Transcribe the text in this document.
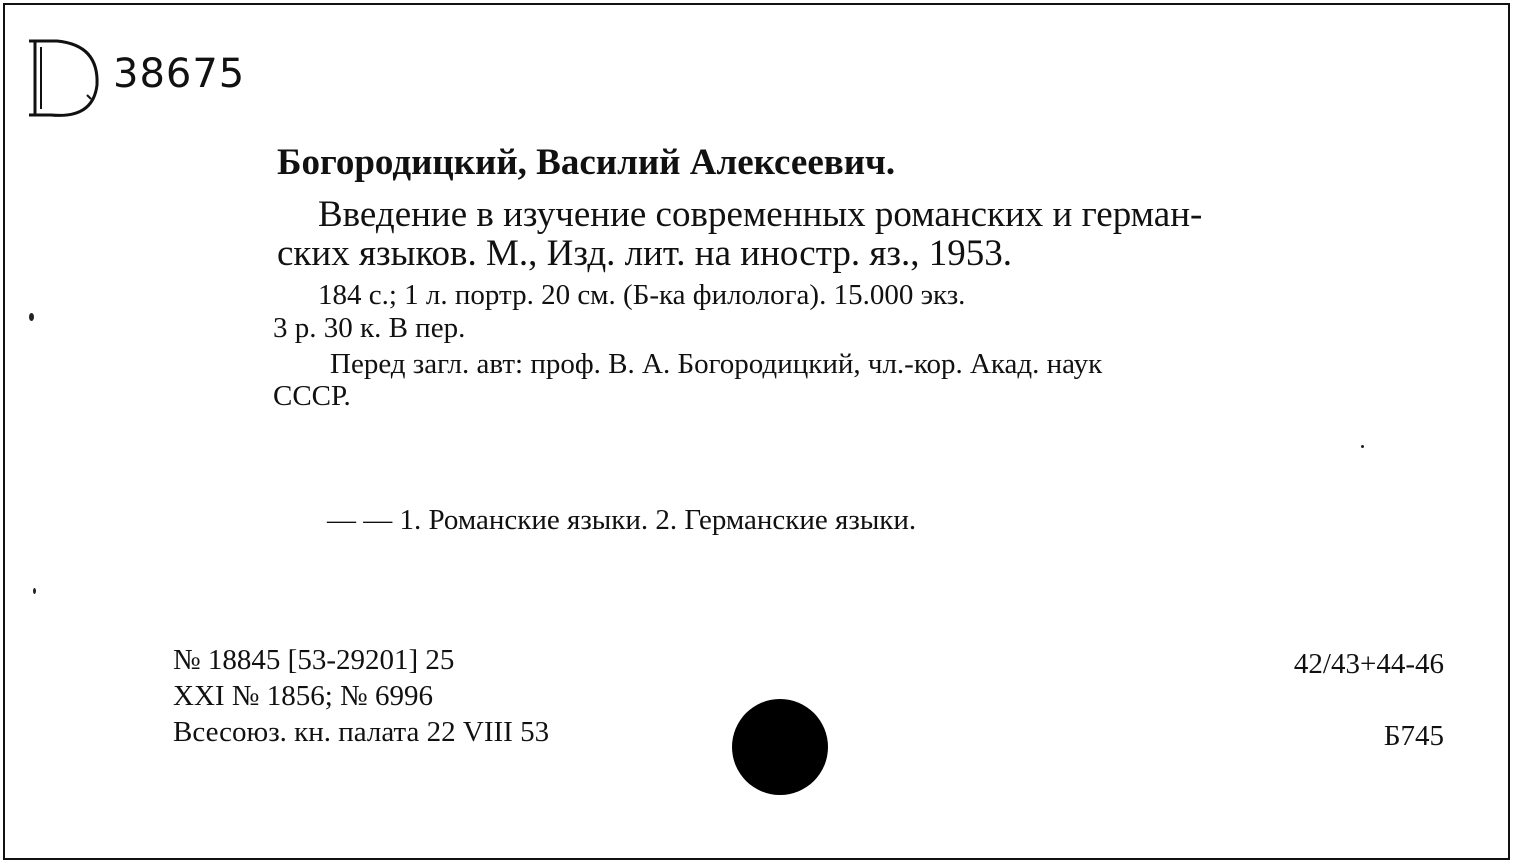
38675
Богородицкий, Василий Алексеевич.
Введение в изучение современных романских и герман-
ских языков. М., Изд. лит. на иностр. яз., 1953.
184 с.; 1 л. портр. 20 см. (Б-ка филолога). 15.000 экз.
3 р. 30 к. В пер.
Перед загл. авт: проф. В. А. Богородицкий, чл.-кор. Акад. наук
СССР.
— — 1. Романские языки. 2. Германские языки.
№ 18845 [53-29201] 25
XXI № 1856; № 6996
Всесоюз. кн. палата 22 VIII 53
42/43+44-46
Б745
